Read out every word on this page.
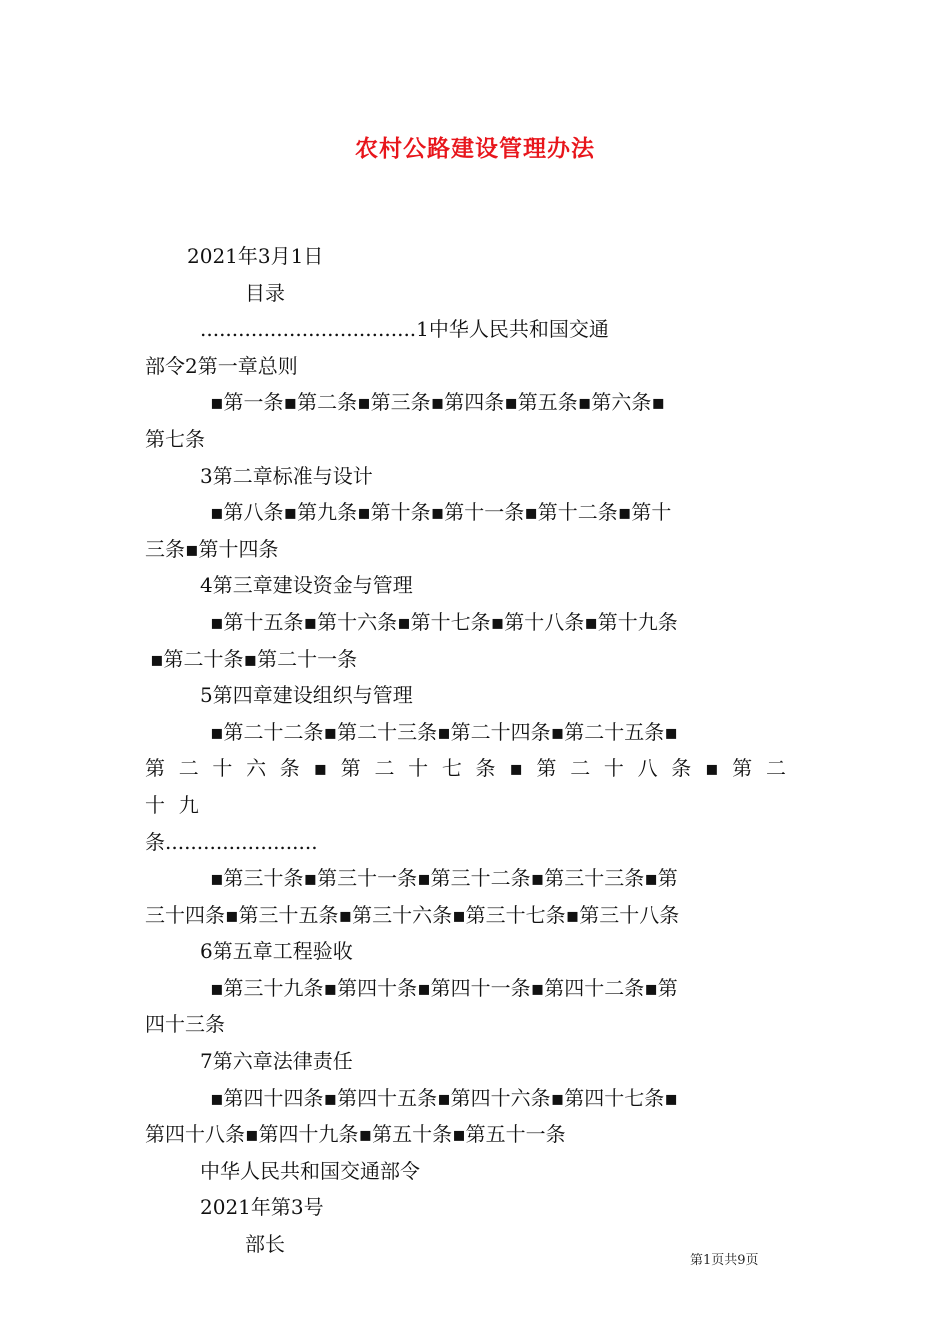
农村公路建设管理办法
2021年3月1日
目录
..................................1中华人民共和国交通
部令2第一章总则
▪第一条▪第二条▪第三条▪第四条▪第五条▪第六条▪
第七条
3第二章标准与设计
▪第八条▪第九条▪第十条▪第十一条▪第十二条▪第十
三条▪第十四条
4第三章建设资金与管理
▪第十五条▪第十六条▪第十七条▪第十八条▪第十九条
▪第二十条▪第二十一条
5第四章建设组织与管理
▪第二十二条▪第二十三条▪第二十四条▪第二十五条▪
第二十六条▪第二十七条▪第二十八条▪第二十九
条........................
▪第三十条▪第三十一条▪第三十二条▪第三十三条▪第
三十四条▪第三十五条▪第三十六条▪第三十七条▪第三十八条
6第五章工程验收
▪第三十九条▪第四十条▪第四十一条▪第四十二条▪第
四十三条
7第六章法律责任
▪第四十四条▪第四十五条▪第四十六条▪第四十七条▪
第四十八条▪第四十九条▪第五十条▪第五十一条
中华人民共和国交通部令
2021年第3号
部长
第1页共9页
